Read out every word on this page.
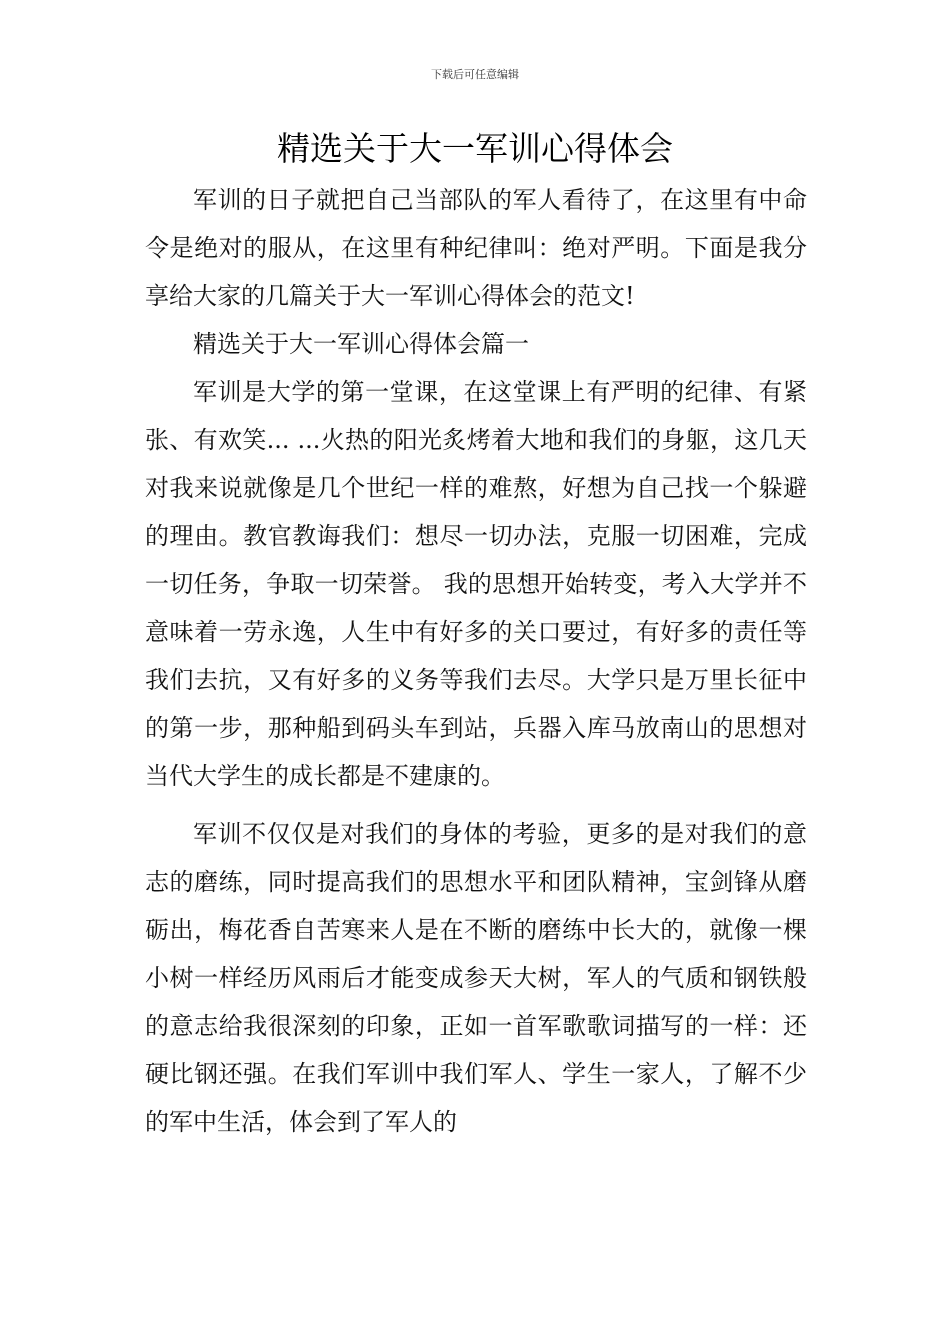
下载后可任意编辑
精选关于大一军训心得体会

军训的日子就把自己当部队的军人看待了，在这里有中命令是绝对的服从，在这里有种纪律叫：绝对严明。下面是我分享给大家的几篇关于大一军训心得体会的范文!

精选关于大一军训心得体会篇一

军训是大学的第一堂课，在这堂课上有严明的纪律、有紧张、有欢笑... ...火热的阳光炙烤着大地和我们的身躯，这几天对我来说就像是几个世纪一样的难熬，好想为自己找一个躲避的理由。教官教诲我们：想尽一切办法，克服一切困难，完成一切任务，争取一切荣誉。 我的思想开始转变，考入大学并不意味着一劳永逸，人生中有好多的关口要过，有好多的责任等我们去抗，又有好多的义务等我们去尽。大学只是万里长征中的第一步，那种船到码头车到站，兵器入库马放南山的思想对当代大学生的成长都是不建康的。

军训不仅仅是对我们的身体的考验，更多的是对我们的意志的磨练，同时提高我们的思想水平和团队精神，宝剑锋从磨砺出，梅花香自苦寒来人是在不断的磨练中长大的，就像一棵小树一样经历风雨后才能变成参天大树，军人的气质和钢铁般的意志给我很深刻的印象，正如一首军歌歌词描写的一样：还硬比钢还强。在我们军训中我们军人、学生一家人，了解不少的军中生活，体会到了军人的
